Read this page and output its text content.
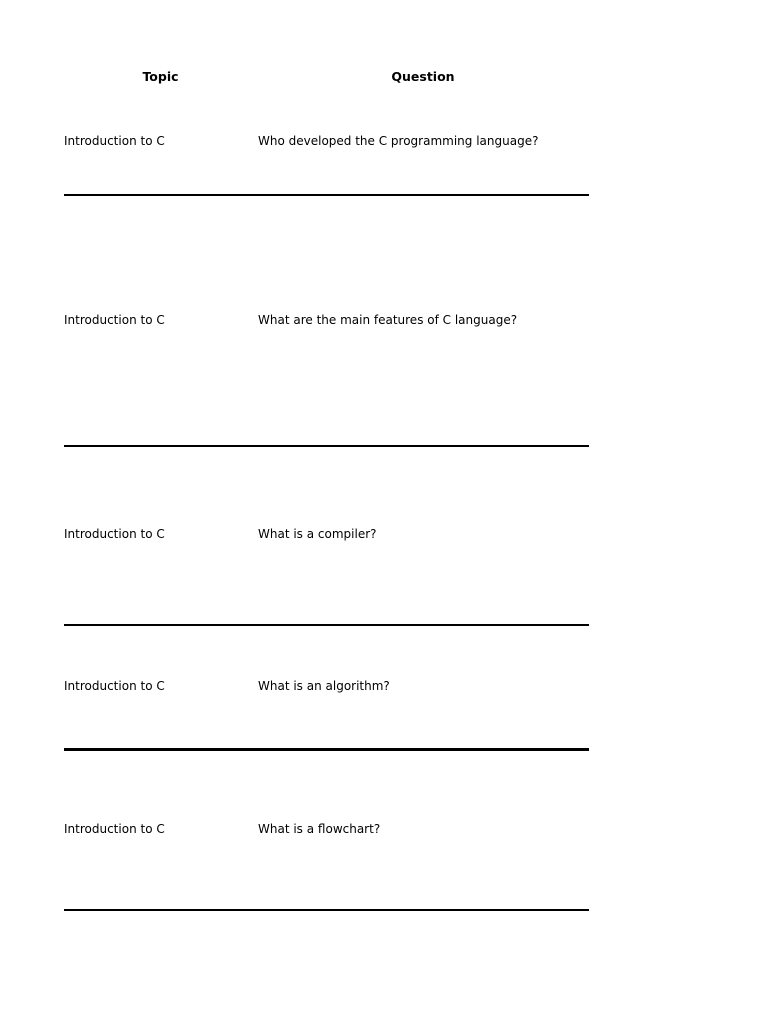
Topic	Question
Introduction to C	Who developed the C programming language?
Introduction to C	What are the main features of C language?
Introduction to C	What is a compiler?
Introduction to C	What is an algorithm?
Introduction to C	What is a flowchart?
